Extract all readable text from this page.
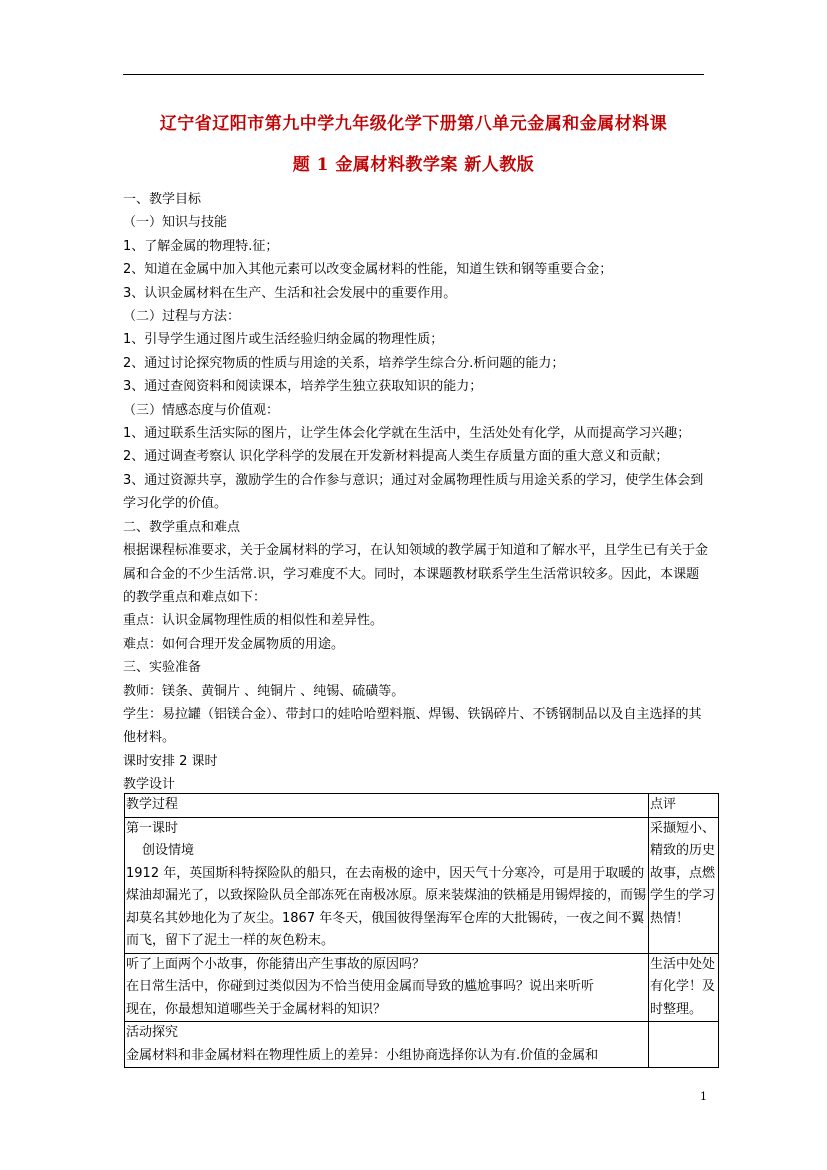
辽宁省辽阳市第九中学九年级化学下册第八单元金属和金属材料课
题 1 金属材料教学案 新人教版

一、教学目标

（一）知识与技能

1、了解金属的物理特.征；

2、知道在金属中加入其他元素可以改变金属材料的性能，知道生铁和钢等重要合金；

3、认识金属材料在生产、生活和社会发展中的重要作用。

（二）过程与方法：

1、引导学生通过图片或生活经验归纳金属的物理性质；

2、通过讨论探究物质的性质与用途的关系，培养学生综合分.析问题的能力；

3、通过查阅资料和阅读课本，培养学生独立获取知识的能力；

（三）情感态度与价值观：

1、通过联系生活实际的图片，让学生体会化学就在生活中，生活处处有化学，从而提高学习兴趣；

2、通过调查考察认 识化学科学的发展在开发新材料提高人类生存质量方面的重大意义和贡献；

3、通过资源共享，激励学生的合作参与意识；通过对金属物理性质与用途关系的学习，使学生体会到学习化学的价值。

二、教学重点和难点

根据课程标准要求，关于金属材料的学习，在认知领域的教学属于知道和了解水平，且学生已有关于金属和合金的不少生活常.识，学习难度不大。同时，本课题教材联系学生生活常识较多。因此，本课题的教学重点和难点如下：

重点：认识金属物理性质的相似性和差异性。

难点：如何合理开发金属物质的用途。

三、实验准备

教师：镁条、黄铜片 、纯铜片 、纯锡、硫磺等。

学生：易拉罐（铝镁合金）、带封口的娃哈哈塑料瓶、焊锡、铁锅碎片、不锈钢制品以及自主选择的其他材料。

课时安排 2 课时

教学设计

教学过程	点评

第一课时
创设情境
1912 年，英国斯科特探险队的船只，在去南极的途中，因天气十分寒冷，可是用于取暖的煤油却漏光了，以致探险队员全部冻死在南极冰原。原来装煤油的铁桶是用锡焊接的，而锡却莫名其妙地化为了灰尘。1867 年冬天，俄国彼得堡海军仓库的大批锡砖，一夜之间不翼而飞，留下了泥土一样的灰色粉末。	采撷短小、精致的历史故事，点燃学生的学习热情！

听了上面两个小故事，你能猜出产生事故的原因吗？
在日常生活中，你碰到过类似因为不恰当使用金属而导致的尴尬事吗？说出来听听
现在，你最想知道哪些关于金属材料的知识？	生活中处处有化学！及时整理。

活动探究
金属材料和非金属材料在物理性质上的差异：小组协商选择你认为有.价值的金属和	

1
